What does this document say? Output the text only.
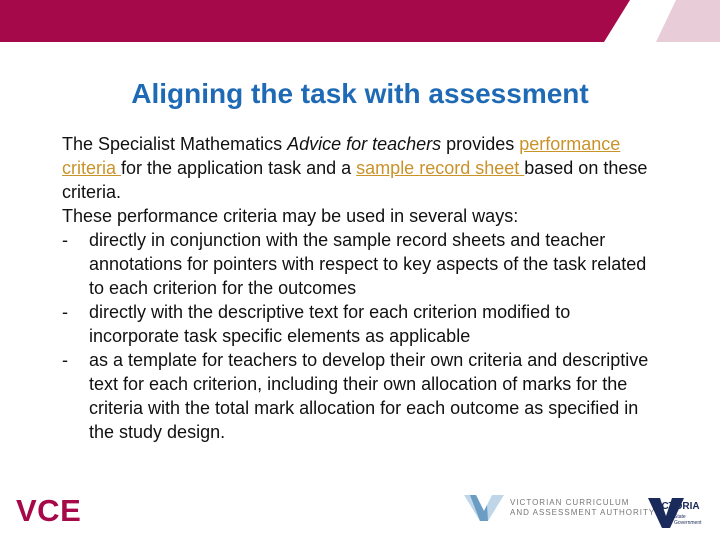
Aligning the task with assessment

The Specialist Mathematics Advice for teachers provides performance criteria for the application task and a sample record sheet based on these criteria.

These performance criteria may be used in several ways:

- directly in conjunction with the sample record sheets and teacher annotations for pointers with respect to key aspects of the task related to each criterion for the outcomes

- directly with the descriptive text for each criterion modified to incorporate task specific elements as applicable

- as a template for teachers to develop their own criteria and descriptive text for each criterion, including their own allocation of marks for the criteria with the total mark allocation for each outcome as specified in the study design.

VCE	VICTORIAN CURRICULUM
AND ASSESSMENT AUTHORITY
VICTORIA
State
Government
